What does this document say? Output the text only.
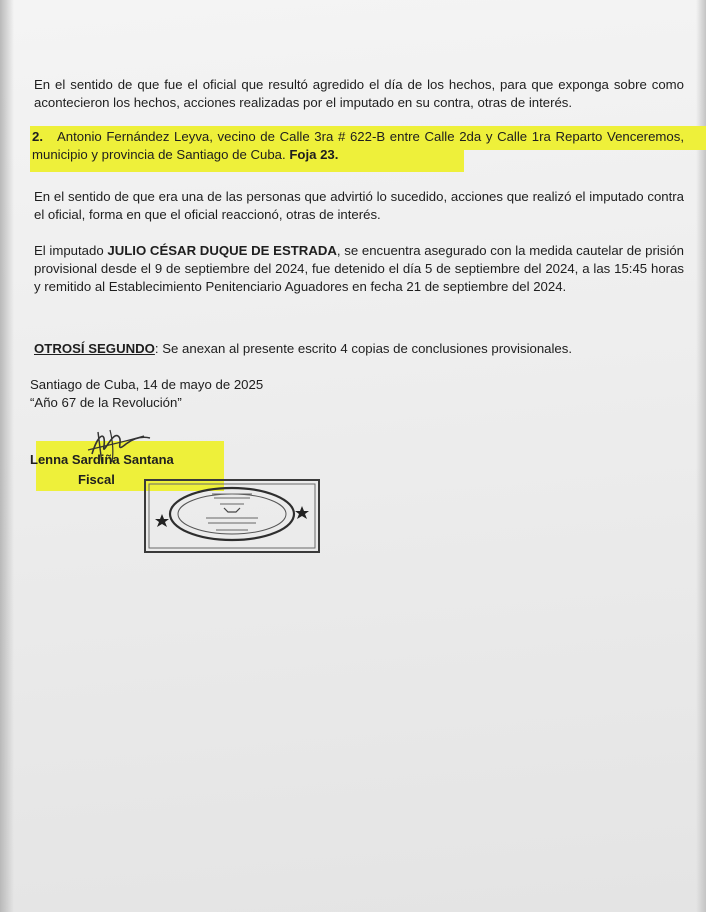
En el sentido de que fue el oficial que resultó agredido el día de los hechos, para que exponga sobre como acontecieron los hechos, acciones realizadas por el imputado en su contra, otras de interés.

2. Antonio Fernández Leyva, vecino de Calle 3ra # 622-B entre Calle 2da y Calle 1ra Reparto Venceremos, municipio y provincia de Santiago de Cuba. Foja 23.

En el sentido de que era una de las personas que advirtió lo sucedido, acciones que realizó el imputado contra el oficial, forma en que el oficial reaccionó, otras de interés.

El imputado JULIO CÉSAR DUQUE DE ESTRADA, se encuentra asegurado con la medida cautelar de prisión provisional desde el 9 de septiembre del 2024, fue detenido el día 5 de septiembre del 2024, a las 15:45 horas y remitido al Establecimiento Penitenciario Aguadores en fecha 21 de septiembre del 2024.

OTROSÍ SEGUNDO: Se anexan al presente escrito 4 copias de conclusiones provisionales.

Santiago de Cuba, 14 de mayo de 2025
“Año 67 de la Revolución”
Lenna Sardiña Santana
Fiscal
